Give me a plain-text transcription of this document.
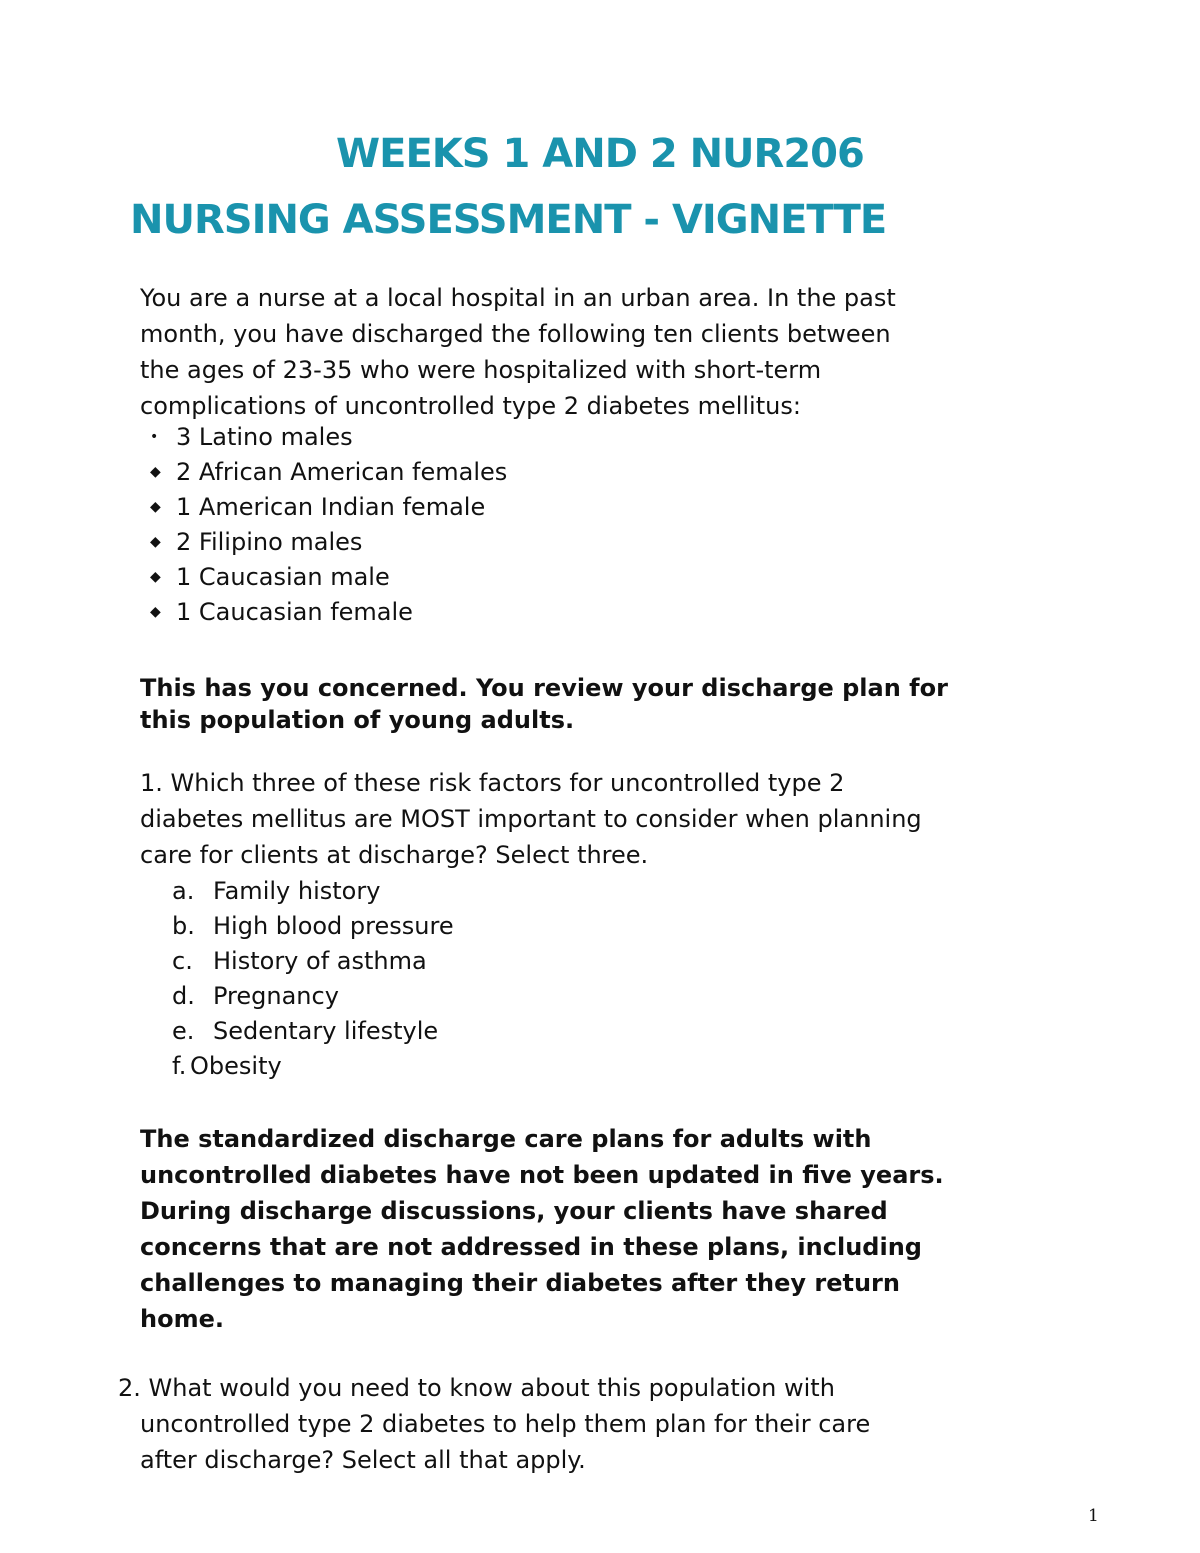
WEEKS 1 AND 2 NUR206
NURSING ASSESSMENT - VIGNETTE

You are a nurse at a local hospital in an urban area. In the past
month, you have discharged the following ten clients between
the ages of 23-35 who were hospitalized with short-term
complications of uncontrolled type 2 diabetes mellitus:

• 3 Latino males
◆ 2 African American females
◆ 1 American Indian female
◆ 2 Filipino males
◆ 1 Caucasian male
◆ 1 Caucasian female

This has you concerned. You review your discharge plan for
this population of young adults.

1. Which three of these risk factors for uncontrolled type 2
diabetes mellitus are MOST important to consider when planning
care for clients at discharge? Select three.

a. Family history
b. High blood pressure
c. History of asthma
d. Pregnancy
e. Sedentary lifestyle
f. Obesity

The standardized discharge care plans for adults with
uncontrolled diabetes have not been updated in five years.
During discharge discussions, your clients have shared
concerns that are not addressed in these plans, including
challenges to managing their diabetes after they return
home.

2. What would you need to know about this population with
uncontrolled type 2 diabetes to help them plan for their care
after discharge? Select all that apply.

1
